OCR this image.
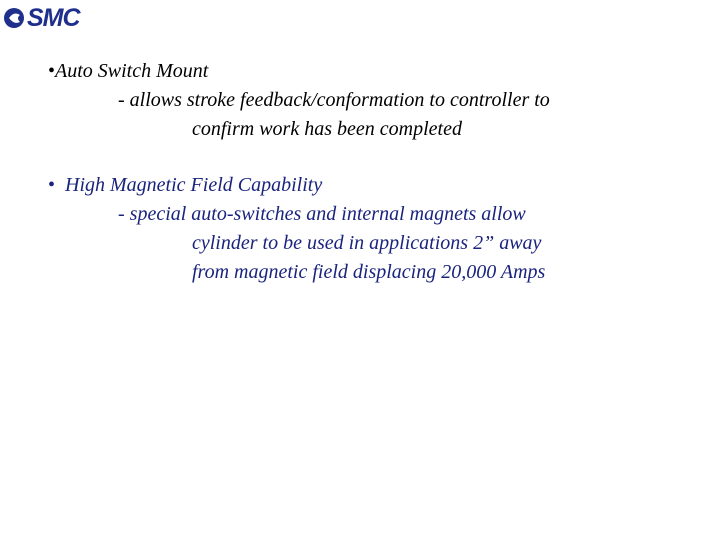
SMC
•Auto Switch Mount
- allows stroke feedback/conformation to controller to
confirm work has been completed
• High Magnetic Field Capability
- special auto-switches and internal magnets allow
cylinder to be used in applications 2” away
from magnetic field displacing 20,000 Amps
